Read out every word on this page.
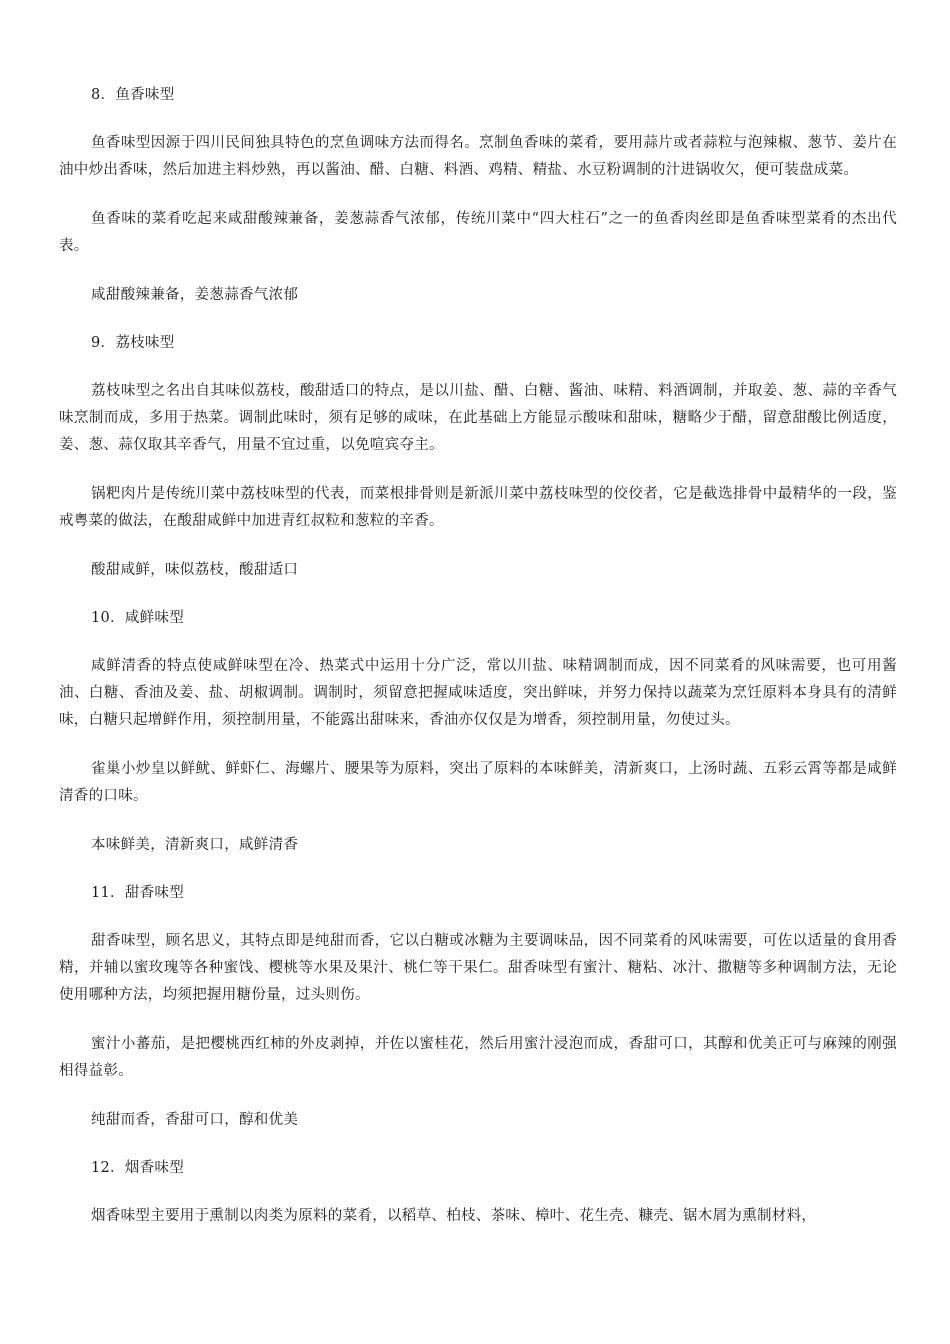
8．鱼香味型

鱼香味型因源于四川民间独具特色的烹鱼调味方法而得名。烹制鱼香味的菜肴，要用蒜片或者蒜粒与泡辣椒、葱节、姜片在油中炒出香味，然后加进主料炒熟，再以酱油、醋、白糖、料酒、鸡精、精盐、水豆粉调制的汁进锅收欠，便可装盘成菜。

鱼香味的菜肴吃起来咸甜酸辣兼备，姜葱蒜香气浓郁，传统川菜中“四大柱石”之一的鱼香肉丝即是鱼香味型菜肴的杰出代表。

咸甜酸辣兼备，姜葱蒜香气浓郁

9．荔枝味型

荔枝味型之名出自其味似荔枝，酸甜适口的特点，是以川盐、醋、白糖、酱油、味精、料酒调制，并取姜、葱、蒜的辛香气味烹制而成，多用于热菜。调制此味时，须有足够的咸味，在此基础上方能显示酸味和甜味，糖略少于醋，留意甜酸比例适度，姜、葱、蒜仅取其辛香气，用量不宜过重，以免喧宾夺主。

锅粑肉片是传统川菜中荔枝味型的代表，而菜根排骨则是新派川菜中荔枝味型的佼佼者，它是截选排骨中最精华的一段，鉴戒粤菜的做法，在酸甜咸鲜中加进青红叔粒和葱粒的辛香。

酸甜咸鲜，味似荔枝，酸甜适口

10．咸鲜味型

咸鲜清香的特点使咸鲜味型在冷、热菜式中运用十分广泛，常以川盐、味精调制而成，因不同菜肴的风味需要，也可用酱油、白糖、香油及姜、盐、胡椒调制。调制时，须留意把握咸味适度，突出鲜味，并努力保持以蔬菜为烹饪原料本身具有的清鲜味，白糖只起增鲜作用，须控制用量，不能露出甜味来，香油亦仅仅是为增香，须控制用量，勿使过头。

雀巢小炒皇以鲜鱿、鲜虾仁、海螺片、腰果等为原料，突出了原料的本味鲜美，清新爽口，上汤时蔬、五彩云霄等都是咸鲜清香的口味。

本味鲜美，清新爽口，咸鲜清香

11．甜香味型

甜香味型，顾名思义，其特点即是纯甜而香，它以白糖或冰糖为主要调味品，因不同菜肴的风味需要，可佐以适量的食用香精，并辅以蜜玫瑰等各种蜜饯、樱桃等水果及果汁、桃仁等干果仁。甜香味型有蜜汁、糖粘、冰汁、撒糖等多种调制方法，无论使用哪种方法，均须把握用糖份量，过头则伤。

蜜汁小蕃茄，是把樱桃西红柿的外皮剥掉，并佐以蜜桂花，然后用蜜汁浸泡而成，香甜可口，其醇和优美正可与麻辣的刚强相得益彰。

纯甜而香，香甜可口，醇和优美

12．烟香味型

烟香味型主要用于熏制以肉类为原料的菜肴，以稻草、柏枝、茶味、樟叶、花生壳、糠壳、锯木屑为熏制材料，
